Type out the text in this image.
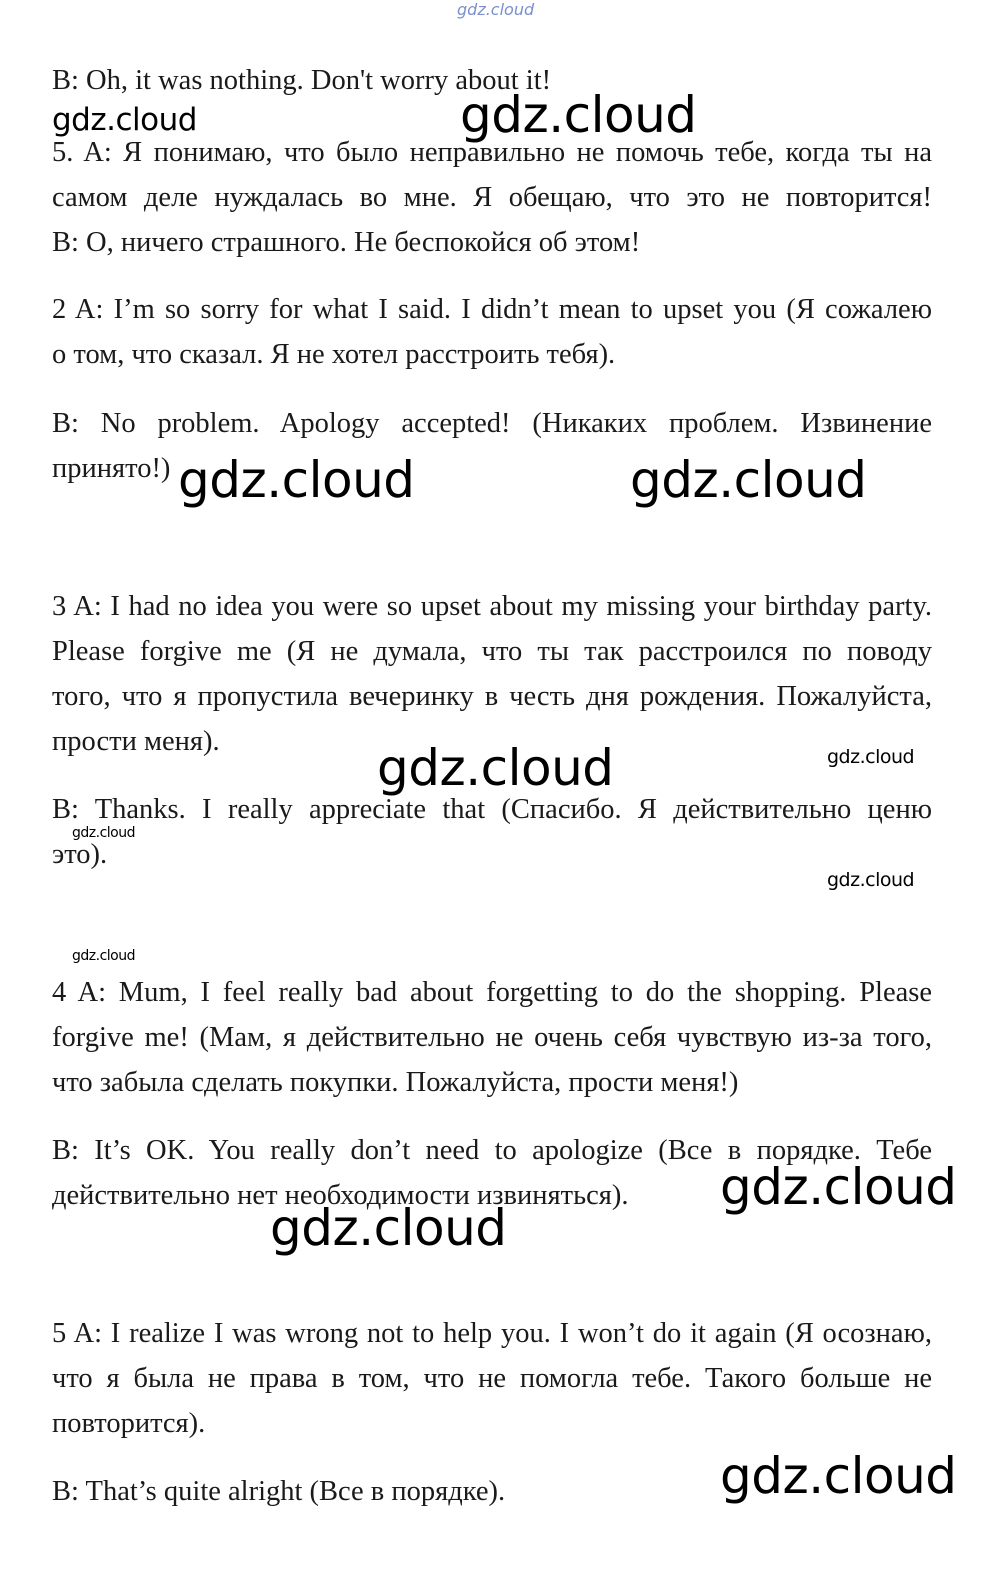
gdz.cloud

B: Oh, it was nothing. Don't worry about it!

5. A: Я понимаю, что было неправильно не помочь тебе, когда ты на
самом деле нуждалась во мне. Я обещаю, что это не повторится!
B: О, ничего страшного. Не беспокойся об этом!

2 A: I’m so sorry for what I said. I didn’t mean to upset you (Я сожалею
о том, что сказал. Я не хотел расстроить тебя).

B: No problem. Apology accepted! (Никаких проблем. Извинение
принято!)

3 A: I had no idea you were so upset about my missing your birthday party.
Please forgive me (Я не думала, что ты так расстроился по поводу
того, что я пропустила вечеринку в честь дня рождения. Пожалуйста,
прости меня).

B: Thanks. I really appreciate that (Спасибо. Я действительно ценю
это).

4 A: Mum, I feel really bad about forgetting to do the shopping. Please
forgive me! (Мам, я действительно не очень себя чувствую из-за того,
что забыла сделать покупки. Пожалуйста, прости меня!)

B: It’s OK. You really don’t need to apologize (Все в порядке. Тебе
действительно нет необходимости извиняться).

5 A: I realize I was wrong not to help you. I won’t do it again (Я осознаю,
что я была не права в том, что не помогла тебе. Такого больше не
повторится).

B: That’s quite alright (Все в порядке).

gdz.cloud	gdz.cloud
gdz.cloud	gdz.cloud
gdz.cloud	gdz.cloud
gdz.cloud
gdz.cloud
gdz.cloud
gdz.cloud
gdz.cloud
gdz.cloud
